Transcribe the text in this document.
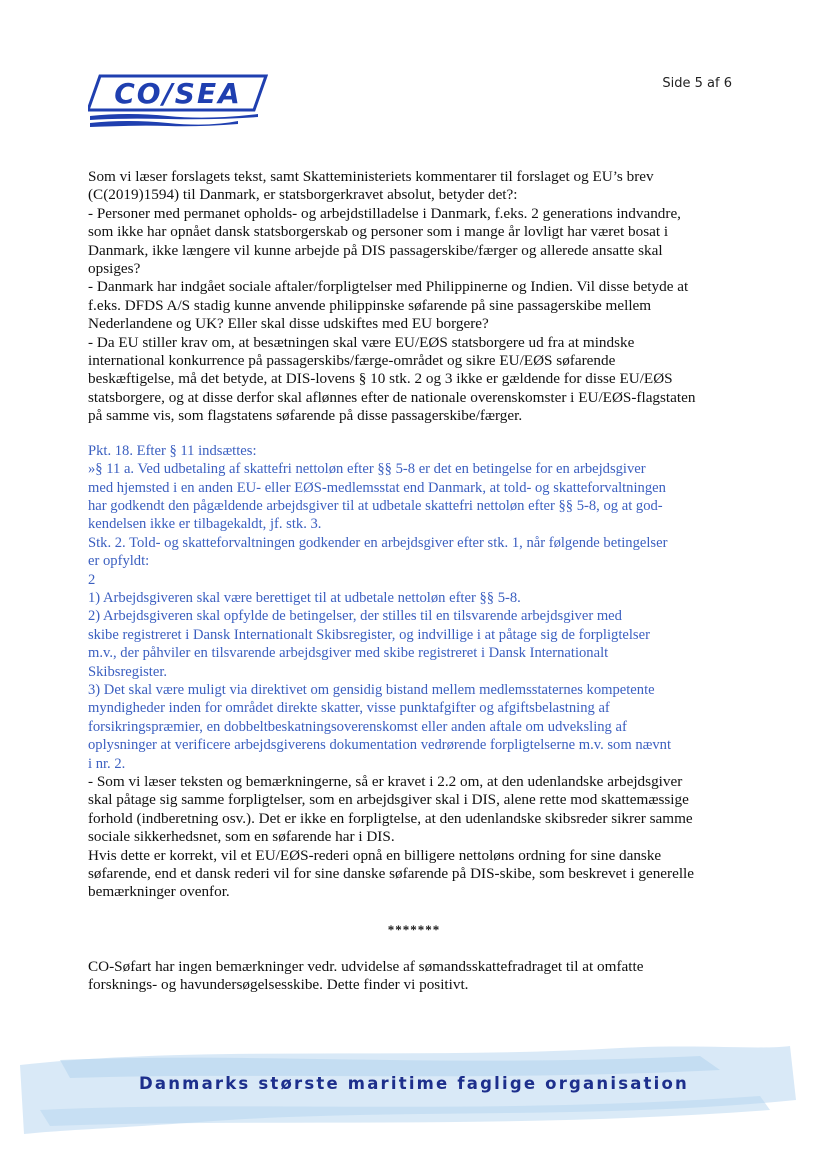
CO/SEA	Side 5 af 6

Som vi læser forslagets tekst, samt Skatteministeriets kommentarer til forslaget og EU’s brev

(C(2019)1594) til Danmark, er statsborgerkravet absolut, betyder det?:

- Personer med permanet opholds- og arbejdstilladelse i Danmark, f.eks. 2 generations indvandre,

som ikke har opnået dansk statsborgerskab og personer som i mange år lovligt har været bosat i

Danmark, ikke længere vil kunne arbejde på DIS passagerskibe/færger og allerede ansatte skal

opsiges?

- Danmark har indgået sociale aftaler/forpligtelser med Philippinerne og Indien. Vil disse betyde at

f.eks. DFDS A/S stadig kunne anvende philippinske søfarende på sine passagerskibe mellem

Nederlandene og UK? Eller skal disse udskiftes med EU borgere?

- Da EU stiller krav om, at besætningen skal være EU/EØS statsborgere ud fra at mindske

international konkurrence på passagerskibs/færge-området og sikre EU/EØS søfarende

beskæftigelse, må det betyde, at DIS-lovens § 10 stk. 2 og 3 ikke er gældende for disse EU/EØS

statsborgere, og at disse derfor skal aflønnes efter de nationale overenskomster i EU/EØS-flagstaten

på samme vis, som flagstatens søfarende på disse passagerskibe/færger.

Pkt. 18. Efter § 11 indsættes:

»§ 11 a. Ved udbetaling af skattefri nettoløn efter §§ 5-8 er det en betingelse for en arbejdsgiver

med hjemsted i en anden EU- eller EØS-medlemsstat end Danmark, at told- og skatteforvaltningen

har godkendt den pågældende arbejdsgiver til at udbetale skattefri nettoløn efter §§ 5-8, og at god-

kendelsen ikke er tilbagekaldt, jf. stk. 3.

Stk. 2. Told- og skatteforvaltningen godkender en arbejdsgiver efter stk. 1, når følgende betingelser

er opfyldt:

2

1) Arbejdsgiveren skal være berettiget til at udbetale nettoløn efter §§ 5-8.

2) Arbejdsgiveren skal opfylde de betingelser, der stilles til en tilsvarende arbejdsgiver med

skibe registreret i Dansk Internationalt Skibsregister, og indvillige i at påtage sig de forpligtelser

m.v., der påhviler en tilsvarende arbejdsgiver med skibe registreret i Dansk Internationalt

Skibsregister.

3) Det skal være muligt via direktivet om gensidig bistand mellem medlemsstaternes kompetente

myndigheder inden for området direkte skatter, visse punktafgifter og afgiftsbelastning af

forsikringspræmier, en dobbeltbeskatningsoverenskomst eller anden aftale om udveksling af

oplysninger at verificere arbejdsgiverens dokumentation vedrørende forpligtelserne m.v. som nævnt

i nr. 2.

- Som vi læser teksten og bemærkningerne, så er kravet i 2.2 om, at den udenlandske arbejdsgiver

skal påtage sig samme forpligtelser, som en arbejdsgiver skal i DIS, alene rette mod skattemæssige

forhold (indberetning osv.). Det er ikke en forpligtelse, at den udenlandske skibsreder sikrer samme

sociale sikkerhedsnet, som en søfarende har i DIS.

Hvis dette er korrekt, vil et EU/EØS-rederi opnå en billigere nettoløns ordning for sine danske

søfarende, end et dansk rederi vil for sine danske søfarende på DIS-skibe, som beskrevet i generelle

bemærkninger ovenfor.

*******

CO-Søfart har ingen bemærkninger vedr. udvidelse af sømandsskattefradraget til at omfatte

forsknings- og havundersøgelsesskibe. Dette finder vi positivt.

Danmarks største maritime faglige organisation
